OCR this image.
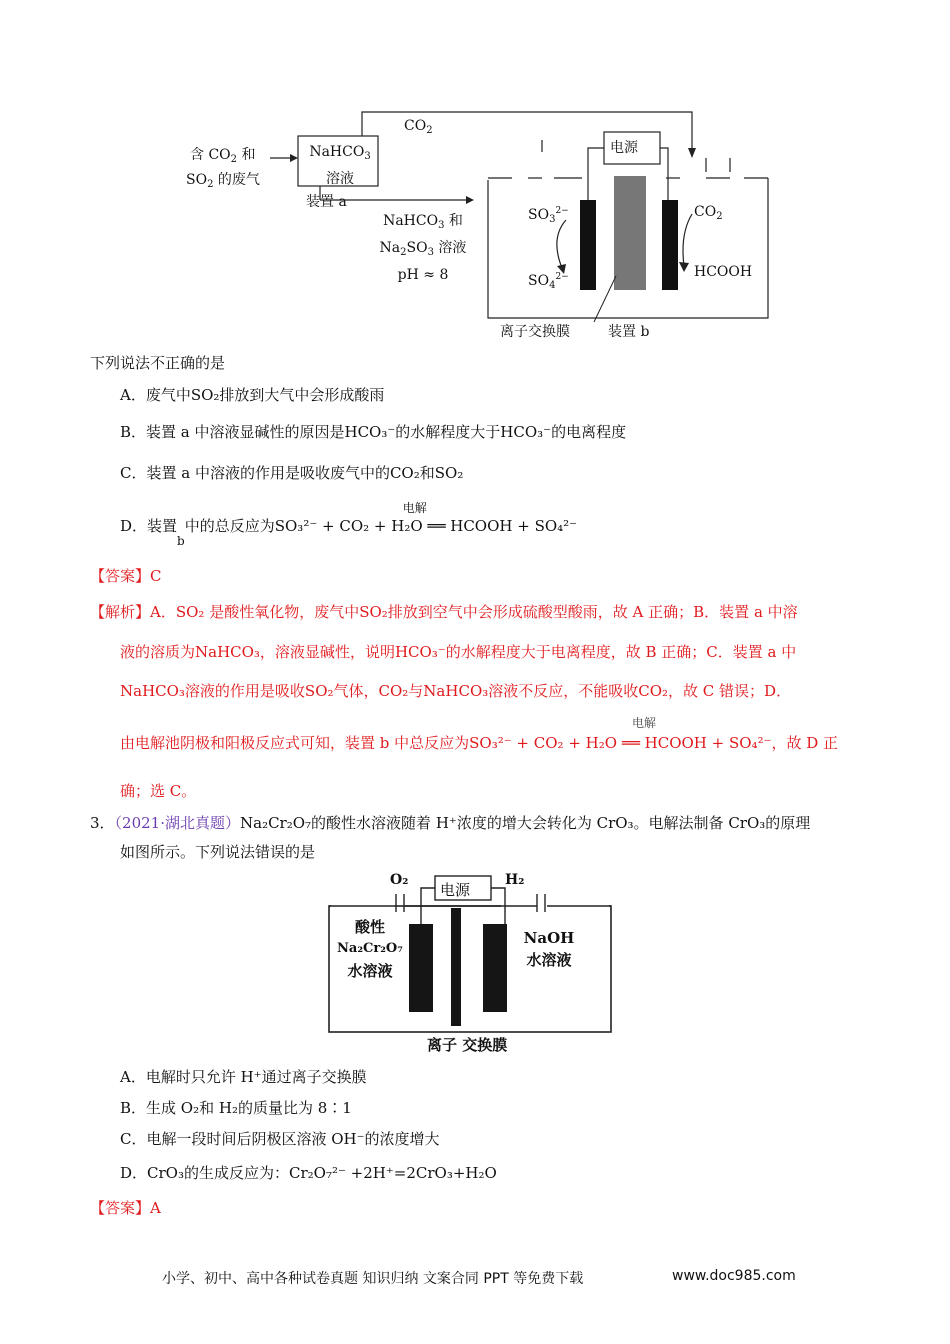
含 $CO_2$ 和
$SO_2$ 的废气
NaHCO$_3$
溶液
装置 a
$CO_2$
NaHCO$_3$ 和
$Na_2SO_3$ 溶液
pH ≈ 8
电源
$SO_3^{2-}$
$SO_4^{2-}$
$CO_2$
HCOOH
离子交换膜	装置 b
下列说法不正确的是
A．废气中SO₂排放到大气中会形成酸雨
B．装置 a 中溶液显碱性的原因是HCO₃⁻的水解程度大于HCO₃⁻的电离程度
C．装置 a 中溶液的作用是吸收废气中的CO₂和SO₂
D．装置$_b$中的总反应为
电解
SO₃²⁻ + CO₂ + H₂O ══ HCOOH + SO₄²⁻
【答案】C
【解析】A．SO₂ 是酸性氧化物，废气中SO₂排放到空气中会形成硫酸型酸雨，故 A 正确；B．装置 a 中溶
液的溶质为NaHCO₃，溶液显碱性，说明HCO₃⁻的水解程度大于电离程度，故 B 正确；C．装置 a 中
NaHCO₃溶液的作用是吸收SO₂气体，CO₂与NaHCO₃溶液不反应，不能吸收CO₂，故 C 错误；D．
电解
由电解池阴极和阳极反应式可知，装置 b 中总反应为SO₃²⁻ + CO₂ + H₂O ══ HCOOH + SO₄²⁻，故 D 正
确；选 C。
3．（2021·湖北真题）Na₂Cr₂O₇的酸性水溶液随着 H⁺浓度的增大会转化为 CrO₃。电解法制备 CrO₃的原理
如图所示。下列说法错误的是
O₂	H₂
电源
酸性
Na₂Cr₂O₇
水溶液
NaOH
水溶液
离子 交换膜
A．电解时只允许 H⁺通过离子交换膜
B．生成 O₂和 H₂的质量比为 8∶1
C．电解一段时间后阴极区溶液 OH⁻的浓度增大
D．CrO₃的生成反应为：Cr₂O₇²⁻ +2H⁺=2CrO₃+H₂O
【答案】A
小学、初中、高中各种试卷真题 知识归纳 文案合同 PPT 等免费下载	www.doc985.com
